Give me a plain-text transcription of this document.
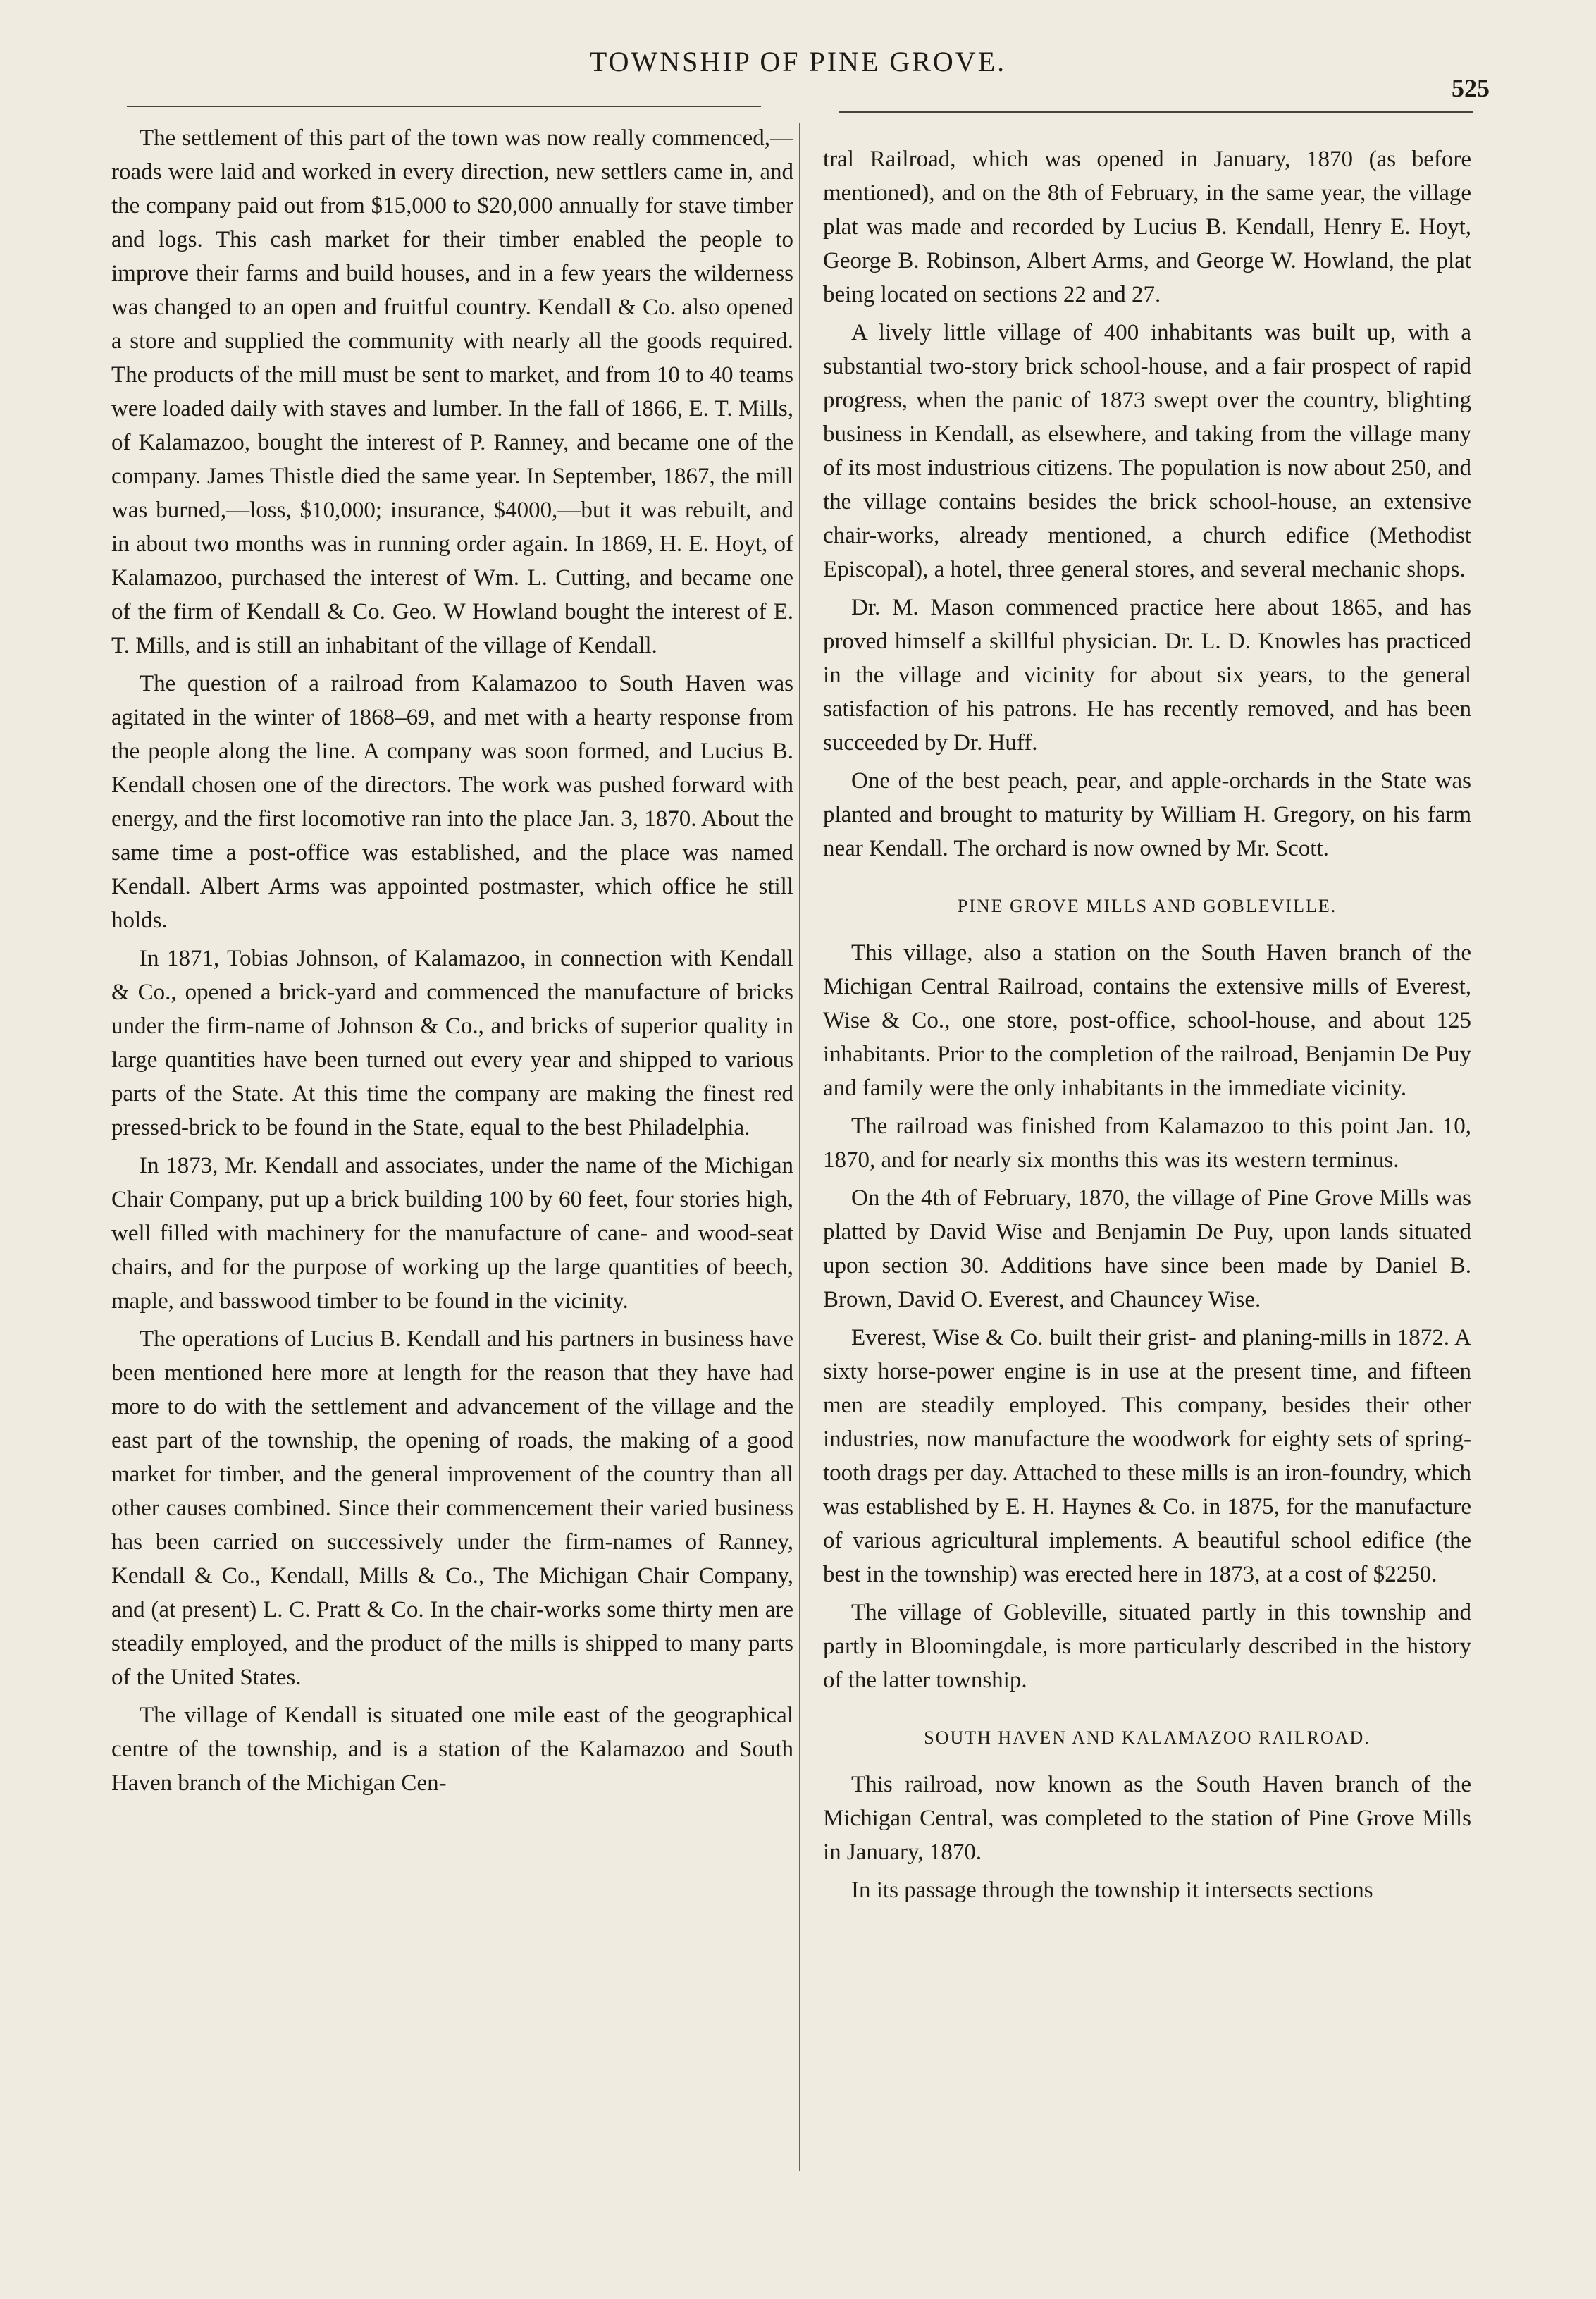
TOWNSHIP OF PINE GROVE.
525

The settlement of this part of the town was now really commenced,—roads were laid and worked in every direction, new settlers came in, and the company paid out from $15,000 to $20,000 annually for stave timber and logs. This cash market for their timber enabled the people to improve their farms and build houses, and in a few years the wilderness was changed to an open and fruitful country. Kendall & Co. also opened a store and supplied the community with nearly all the goods required. The products of the mill must be sent to market, and from 10 to 40 teams were loaded daily with staves and lumber. In the fall of 1866, E. T. Mills, of Kalamazoo, bought the interest of P. Ranney, and became one of the company. James Thistle died the same year. In September, 1867, the mill was burned,—loss, $10,000; insurance, $4000,—but it was rebuilt, and in about two months was in running order again. In 1869, H. E. Hoyt, of Kalamazoo, purchased the interest of Wm. L. Cutting, and became one of the firm of Kendall & Co. Geo. W Howland bought the interest of E. T. Mills, and is still an inhabitant of the village of Kendall.

The question of a railroad from Kalamazoo to South Haven was agitated in the winter of 1868–69, and met with a hearty response from the people along the line. A company was soon formed, and Lucius B. Kendall chosen one of the directors. The work was pushed forward with energy, and the first locomotive ran into the place Jan. 3, 1870. About the same time a post-office was established, and the place was named Kendall. Albert Arms was appointed postmaster, which office he still holds.

In 1871, Tobias Johnson, of Kalamazoo, in connection with Kendall & Co., opened a brick-yard and commenced the manufacture of bricks under the firm-name of Johnson & Co., and bricks of superior quality in large quantities have been turned out every year and shipped to various parts of the State. At this time the company are making the finest red pressed-brick to be found in the State, equal to the best Philadelphia.

In 1873, Mr. Kendall and associates, under the name of the Michigan Chair Company, put up a brick building 100 by 60 feet, four stories high, well filled with machinery for the manufacture of cane- and wood-seat chairs, and for the purpose of working up the large quantities of beech, maple, and basswood timber to be found in the vicinity.

The operations of Lucius B. Kendall and his partners in business have been mentioned here more at length for the reason that they have had more to do with the settlement and advancement of the village and the east part of the township, the opening of roads, the making of a good market for timber, and the general improvement of the country than all other causes combined. Since their commencement their varied business has been carried on successively under the firm-names of Ranney, Kendall & Co., Kendall, Mills & Co., The Michigan Chair Company, and (at present) L. C. Pratt & Co. In the chair-works some thirty men are steadily employed, and the product of the mills is shipped to many parts of the United States.

The village of Kendall is situated one mile east of the geographical centre of the township, and is a station of the Kalamazoo and South Haven branch of the Michigan Cen-

tral Railroad, which was opened in January, 1870 (as before mentioned), and on the 8th of February, in the same year, the village plat was made and recorded by Lucius B. Kendall, Henry E. Hoyt, George B. Robinson, Albert Arms, and George W. Howland, the plat being located on sections 22 and 27.

A lively little village of 400 inhabitants was built up, with a substantial two-story brick school-house, and a fair prospect of rapid progress, when the panic of 1873 swept over the country, blighting business in Kendall, as elsewhere, and taking from the village many of its most industrious citizens. The population is now about 250, and the village contains besides the brick school-house, an extensive chair-works, already mentioned, a church edifice (Methodist Episcopal), a hotel, three general stores, and several mechanic shops.

Dr. M. Mason commenced practice here about 1865, and has proved himself a skillful physician. Dr. L. D. Knowles has practiced in the village and vicinity for about six years, to the general satisfaction of his patrons. He has recently removed, and has been succeeded by Dr. Huff.

One of the best peach, pear, and apple-orchards in the State was planted and brought to maturity by William H. Gregory, on his farm near Kendall. The orchard is now owned by Mr. Scott.

PINE GROVE MILLS AND GOBLEVILLE.

This village, also a station on the South Haven branch of the Michigan Central Railroad, contains the extensive mills of Everest, Wise & Co., one store, post-office, school-house, and about 125 inhabitants. Prior to the completion of the railroad, Benjamin De Puy and family were the only inhabitants in the immediate vicinity.

The railroad was finished from Kalamazoo to this point Jan. 10, 1870, and for nearly six months this was its western terminus.

On the 4th of February, 1870, the village of Pine Grove Mills was platted by David Wise and Benjamin De Puy, upon lands situated upon section 30. Additions have since been made by Daniel B. Brown, David O. Everest, and Chauncey Wise.

Everest, Wise & Co. built their grist- and planing-mills in 1872. A sixty horse-power engine is in use at the present time, and fifteen men are steadily employed. This company, besides their other industries, now manufacture the woodwork for eighty sets of spring-tooth drags per day. Attached to these mills is an iron-foundry, which was established by E. H. Haynes & Co. in 1875, for the manufacture of various agricultural implements. A beautiful school edifice (the best in the township) was erected here in 1873, at a cost of $2250.

The village of Gobleville, situated partly in this township and partly in Bloomingdale, is more particularly described in the history of the latter township.

SOUTH HAVEN AND KALAMAZOO RAILROAD.

This railroad, now known as the South Haven branch of the Michigan Central, was completed to the station of Pine Grove Mills in January, 1870.

In its passage through the township it intersects sections
